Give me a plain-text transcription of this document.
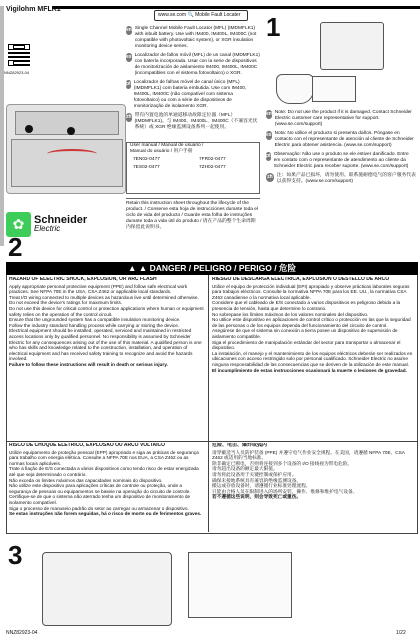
Vigilohm MFLK1
NNZ82923-04
✿ Schneider
Electric
www.se.com 🔍 Mobile Fault Locater
en Single Channel Mobile Fault Locator (MFL) (IMDMFLK1) with inbuilt battery. Use with IM400, IM400L, IM400C (not compatible with photovoltaic system), or XGR insulation monitoring device series.
es Localizador de fallos móvil (MFL) de un canal (IMDMFLK1) con batería incorporada. Usar con la serie de dispositivos de monitorización de aislamiento IM400, IM400L, IM400C (incompatibles con el sistema fotovoltaico) o XGR.
pt Localizador de falhas móvel de canal único (MFL) (IMDMFLK1) com bateria embutida. Use com IM400, IM400L, IM400C (não compatível com sistema fotovoltaico) ou com a série de dispositivos de monitorização de isolamento XGR.
zh 带有内置电池的单通道移动故障定位器（MFL）(IMDMFLK1)。与 IM400、IM400L、IM400C（不兼容光伏系统）或 XGR 绝缘监测设备系列一起使用。
User manual / Manual de usuario /
Manual do usuário / 用户手册
7EN02-0477	7FR02-0477
7ES02-0477	7ZH02-0477
Retain this instruction sheet throughout the lifecycle of the product. / Conserve esta hoja de instrucciones durante toda el ciclo de vida del producto / Guarde esta folha de instruções durante toda a vida útil do produto / 请在产品的整个生命周期内保留此说明书。
1
en Note: Do not use the product if it is damaged. Contact Schneider Electric customer care representative for support. (www.se.com/support)
es Nota: No utilice el producto si presenta daños. Póngase en contacto con el representante de atención al cliente de Schneider Electric para obtener asistencia. (www.se.com/support)
pt Observação: Não use o produto se ele estiver danificado. Entre em contato com o representante de atendimento ao cliente da Schneider Electric para receber suporte. (www.se.com/support)
zh 注：如果产品已损坏，请勿使用。联系施耐德电气的客户服务代表以获得支持。(www.se.com/support)
2
▲ ▲ DANGER / PELIGRO / PERIGO / 危险
HAZARD OF ELECTRIC SHOCK, EXPLOSION, OR ARC FLASH
Apply appropriate personal protective equipment (PPE) and follow safe electrical work practices. See NFPA 70E in the USA, CSA Z462 or applicable local standards.
Treat I/O wiring connected to multiple devices as hazardous live until determined otherwise.
Do not exceed the device's ratings for maximum limits.
Do not use this device for critical control or protection applications where human or equipment safety relies on the operation of the control circuit.
Ensure that the ungrounded system has a compatible insulation monitoring device.
Follow the industry standard handling process while carrying or storing the device.
Electrical equipment should be installed, operated, serviced and maintained in restricted access locations only by qualified personnel. No responsibility is assumed by Schneider Electric for any consequences arising out of the use of this material. A qualified person is one who has skills and knowledge related to the construction, installation, and operation of electrical equipment and has received safety training to recognize and avoid the hazards involved.
Failure to follow these instructions will result in death or serious injury.
RIESGO DE DESCARGA ELÉCTRICA, EXPLOSIÓN O DESTELLO DE ARCO
Utilice el equipo de protección individual (EPI) apropiado y observe prácticas laborales seguras para trabajos eléctricos. Consulte la normativa NFPA 70E para los EE. UU., la normativa CSA Z462 canadiense o la normativa local aplicable.
Considere que el cableado de E/S conectado a varios dispositivos es peligroso debido a la presencia de tensión, hasta que determine lo contrario.
No sobrepase los límites máximos de los valores nominales del dispositivo.
No utilice este dispositivo en aplicaciones de control crítico o protección en las que la seguridad de las personas o de los equipos dependa del funcionamiento del circuito de control.
Asegúrese de que el sistema sin conexión a tierra posee un dispositivo de supervisión de aislamiento compatible.
Siga el procedimiento de manipulación estándar del sector para transportar o almacenar el dispositivo.
La instalación, el manejo y el mantenimiento de los equipos eléctricos deberán ser realizados en ubicaciones con acceso restringido solo por personal cualificado. Schneider Electric no asume ninguna responsabilidad de las consecuencias que se deriven de la utilización de este manual.
El incumplimiento de estas instrucciones ocasionará la muerte o lesiones de gravedad.
RISCO DE CHOQUE ELÉTRICO, EXPLOSÃO OU ARCO VOLTAICO
Utilize equipamento de proteção pessoal (EPP) apropriado e siga as práticas de segurança para trabalho com energia elétrica. Consulte a NFPA 70E nos EUA, a CSA Z462 ou as normas locais aplicáveis.
Trate a fiação de E/S conectada a vários dispositivos como tendo risco de estar energizada até que seja determinado o contrário.
Não exceda os limites máximos das capacidades nominais do dispositivo.
Não utilize este dispositivo para aplicações críticas de controle ou proteção, onde a segurança de pessoas ou equipamentos se baseie na operação do circuito de controle.
Certifique-se de que o sistema não aterrado tenha um dispositivo de monitoramento de isolamento compatível.
Siga o processo de manuseio padrão do setor ao carregar ou armazenar o dispositivo.
Se estas instruções não forem seguidas, há o risco de morte ou de ferimentos graves.
危险、电击、爆炸或弧闪
请穿戴适当人员防护装备 (PPE) 并遵守电气作业安全规程。在美国，请遵循 NFPA 70E、CSA Z462 或适用的当地标准。
除非确定已断电，否则将连接到多个设备的 I/O 接线视为带电危险。
请勿超出设备的额定最大限值。
请勿将此设备用于关键控制或保护应用。
确保未接地系统具有兼容的绝缘监测设备。
搬运或存放设备时，请遵循行业标准处理流程。
只能由合格人员在限制进入的场所安装、操作、维修和维护电气设备。
若不遵循这些说明，则会导致死亡或重伤。
3
NNZ82923-04	1/22
